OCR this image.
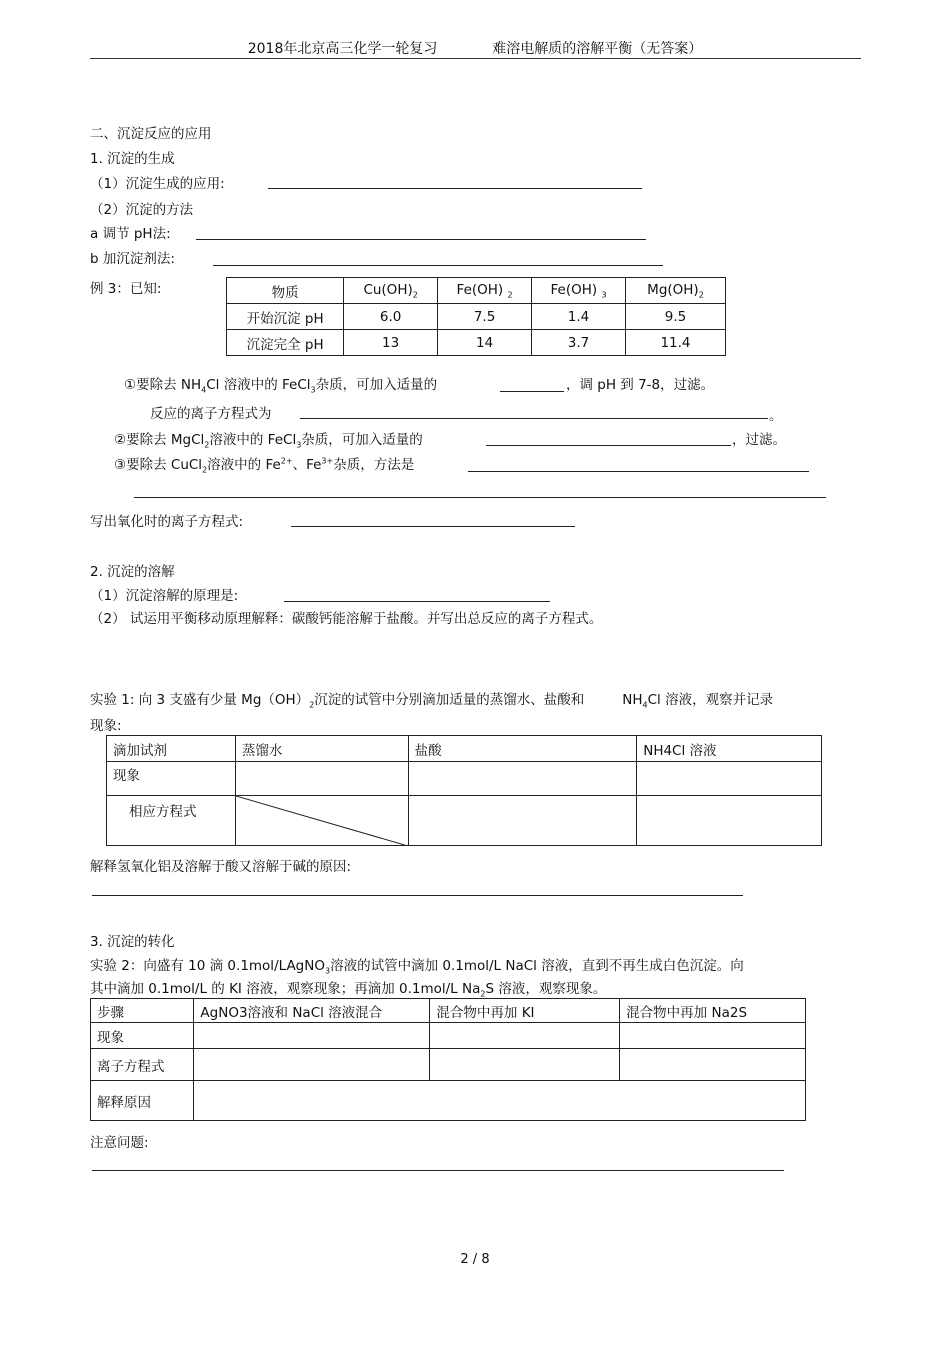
2018年北京高三化学一轮复习	难溶电解质的溶解平衡（无答案）
二、沉淀反应的应用
1. 沉淀的生成
（1）沉淀生成的应用:
（2）沉淀的方法
a 调节 pH法:
b 加沉淀剂法:
例 3：已知:	物质	$Cu(OH)_2$	Fe(OH) $_2$	Fe(OH) $_3$	$Mg(OH)_2$
开始沉淀 pH	6.0	7.5	1.4	9.5
沉淀完全 pH	13	14	3.7	11.4
①要除去 $NH_4Cl$ 溶液中的 FeCl$_3$杂质，可加入适量的	，调 pH 到 7-8，过滤。
反应的离子方程式为	。
②要除去 MgCl$_2$溶液中的 FeCl$_3$杂质，可加入适量的	，过滤。
③要除去 CuCl$_2$溶液中的 $Fe^{2+}$、$Fe^{3+}$杂质，方法是
写出氧化时的离子方程式:
2. 沉淀的溶解
（1）沉淀溶解的原理是:
（2） 试运用平衡移动原理解释：碳酸钙能溶解于盐酸。并写出总反应的离子方程式。
实验 1: 向 3 支盛有少量 $Mg(OH)_2$沉淀的试管中分别滴加适量的蒸馏水、盐酸和	$NH_4Cl$ 溶液，观察并记录
现象:
滴加试剂	蒸馏水	盐酸	NH4Cl 溶液
现象			
相应方程式	

解释氢氧化铝及溶解于酸又溶解于碱的原因:
3. 沉淀的转化
实验 2：向盛有 10 滴 0.1mol/LAgNO$_3$溶液的试管中滴加 0.1mol/L NaCl 溶液，直到不再生成白色沉淀。向
其中滴加 0.1mol/L 的 KI 溶液，观察现象；再滴加 0.1mol/L $Na_2S$ 溶液，观察现象。
步骤	AgNO3溶液和 NaCl 溶液混合	混合物中再加 KI	混合物中再加 Na2S
现象			
离子方程式			
解释原因			
注意问题:
2 / 8
